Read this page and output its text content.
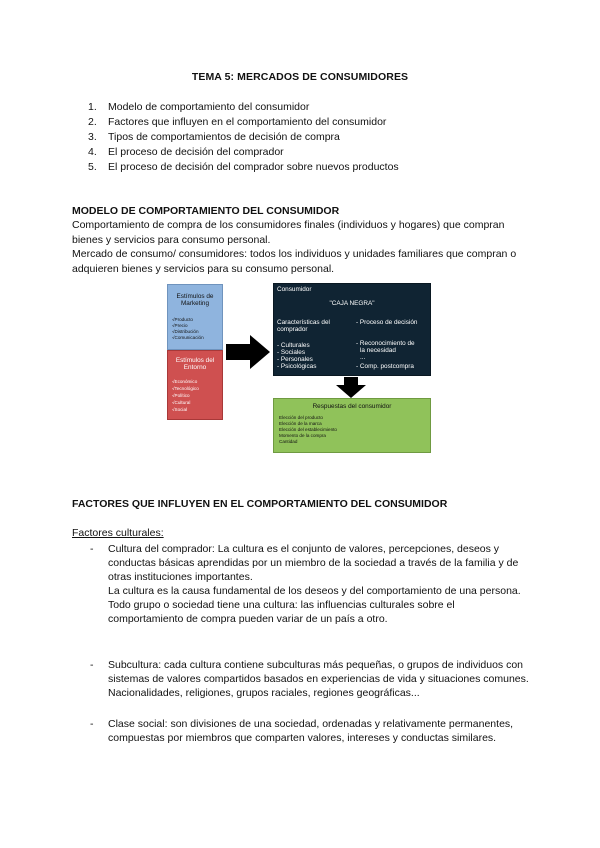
TEMA 5: MERCADOS DE CONSUMIDORES
1. Modelo de comportamiento del consumidor
2. Factores que influyen en el comportamiento del consumidor
3. Tipos de comportamientos de decisión de compra
4. El proceso de decisión del comprador
5. El proceso de decisión del comprador sobre nuevos productos
MODELO DE COMPORTAMIENTO DEL CONSUMIDOR
Comportamiento de compra de los consumidores finales (individuos y hogares) que compran bienes y servicios para consumo personal.
Mercado de consumo/ consumidores: todos los individuos y unidades familiares que compran o adquieren bienes y servicios para su consumo personal.
Estímulos de Marketing
√Producto
√Precio
√Distribución
√Comunicación
Estímulos del Entorno
√Económico
√Tecnológico
√Político
√Cultural
√Social
Consumidor
"CAJA NEGRA"
Características del comprador
- Proceso de decisión
- Culturales
- Sociales
- Personales
- Psicológicas
- Reconocimiento de
la necesidad
...
- Comp. postcompra
Respuestas del consumidor
Elección del producto
Elección de la marca
Elección del establecimiento
Momento de la compra
Cantidad
FACTORES QUE INFLUYEN EN EL COMPORTAMIENTO DEL CONSUMIDOR
Factores culturales:
- Cultura del comprador: La cultura es el conjunto de valores, percepciones, deseos y conductas básicas aprendidas por un miembro de la sociedad a través de la familia y de otras instituciones importantes.

La cultura es la causa fundamental de los deseos y del comportamiento de una persona.

Todo grupo o sociedad tiene una cultura: las influencias culturales sobre el comportamiento de compra pueden variar de un país a otro.

- Subcultura: cada cultura contiene subculturas más pequeñas, o grupos de individuos con sistemas de valores compartidos basados en experiencias de vida y situaciones comunes. Nacionalidades, religiones, grupos raciales, regiones geográficas...

- Clase social: son divisiones de una sociedad, ordenadas y relativamente permanentes, compuestas por miembros que comparten valores, intereses y conductas similares.
